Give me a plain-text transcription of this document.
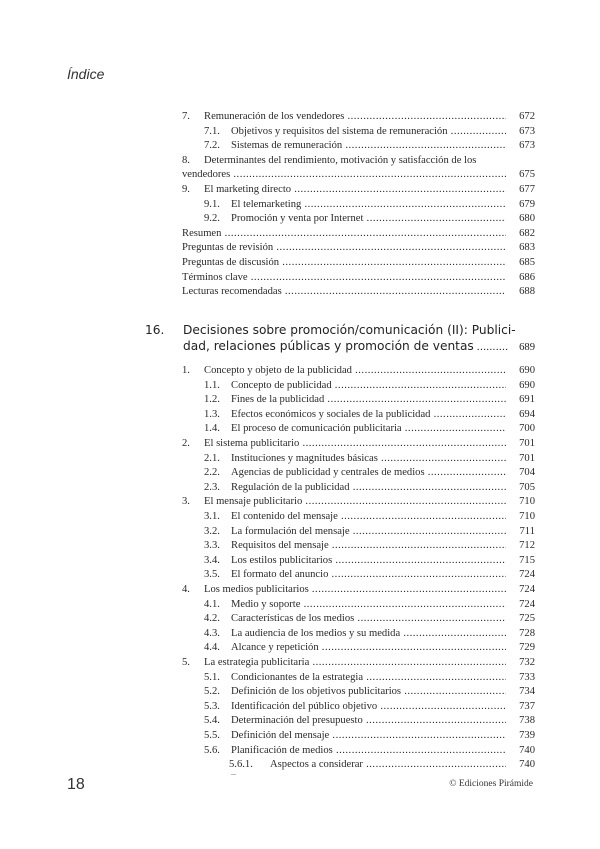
Índice
7. Remuneración de los vendedores .....	672
7.1. Objetivos y requisitos del sistema de remuneración .....	673
7.2. Sistemas de remuneración .....	673
8. Determinantes del rendimiento, motivación y satisfacción de los
vendedores .....	675
9. El marketing directo .....	677
9.1. El telemarketing .....	679
9.2. Promoción y venta por Internet .....	680
Resumen .....	682
Preguntas de revisión .....	683
Preguntas de discusión .....	685
Términos clave .....	686
Lecturas recomendadas .....	688
16. Decisiones sobre promoción/comunicación (II): Publici-
dad, relaciones públicas y promoción de ventas .....	689
1. Concepto y objeto de la publicidad .....	690
1.1. Concepto de publicidad .....	690
1.2. Fines de la publicidad .....	691
1.3. Efectos económicos y sociales de la publicidad .....	694
1.4. El proceso de comunicación publicitaria .....	700
2. El sistema publicitario .....	701
2.1. Instituciones y magnitudes básicas .....	701
2.2. Agencias de publicidad y centrales de medios .....	704
2.3. Regulación de la publicidad .....	705
3. El mensaje publicitario .....	710
3.1. El contenido del mensaje .....	710
3.2. La formulación del mensaje .....	711
3.3. Requisitos del mensaje .....	712
3.4. Los estilos publicitarios .....	715
3.5. El formato del anuncio .....	724
4. Los medios publicitarios .....	724
4.1. Medio y soporte .....	724
4.2. Características de los medios .....	725
4.3. La audiencia de los medios y su medida .....	728
4.4. Alcance y repetición .....	729
5. La estrategia publicitaria .....	732
5.1. Condicionantes de la estrategia .....	733
5.2. Definición de los objetivos publicitarios .....	734
5.3. Identificación del público objetivo .....	737
5.4. Determinación del presupuesto .....	738
5.5. Definición del mensaje .....	739
5.6. Planificación de medios .....	740
5.6.1. Aspectos a considerar .....	740
18	© Ediciones Pirámide
